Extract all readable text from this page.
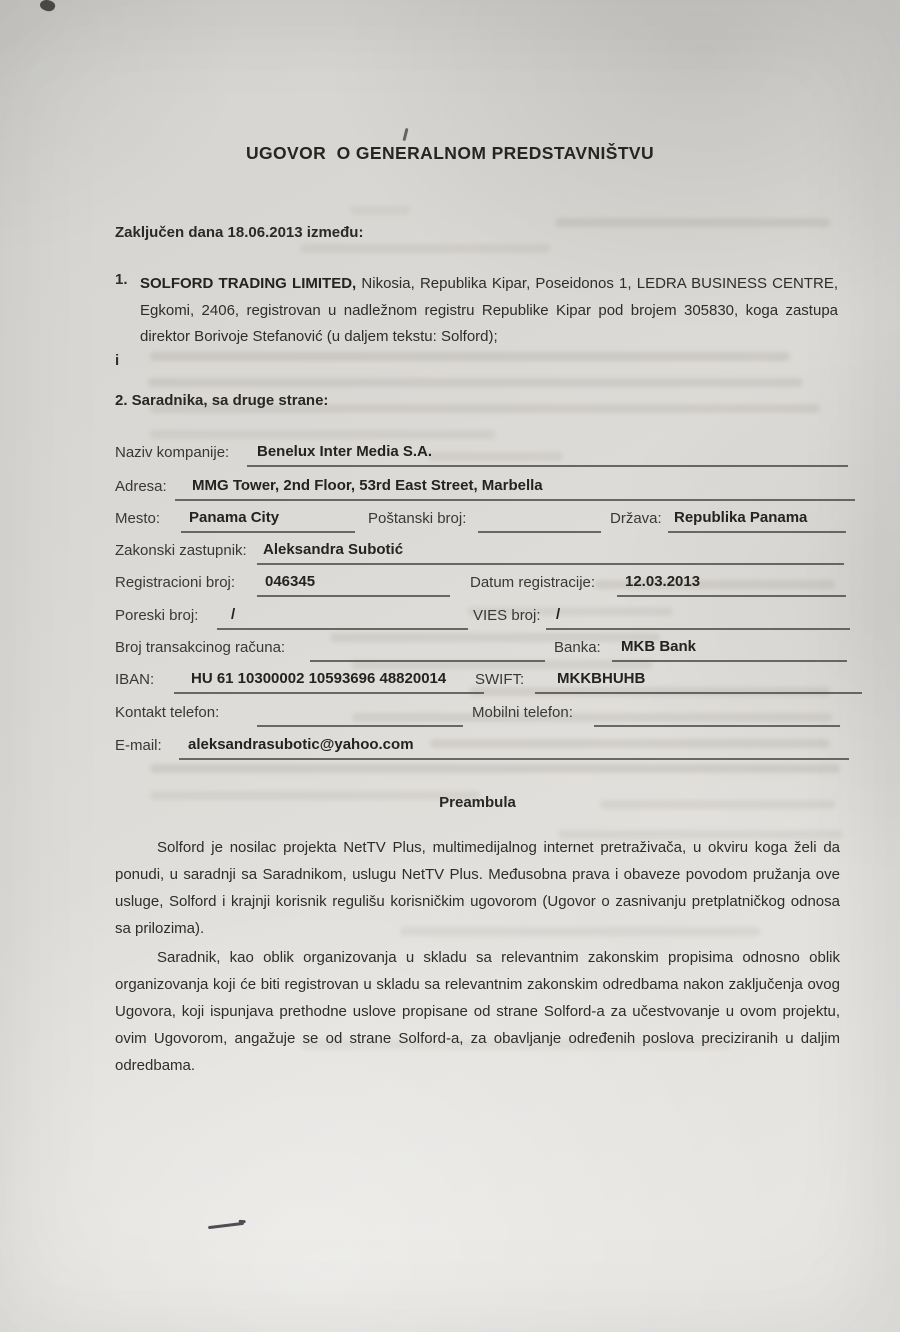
UGOVOR  O GENERALNOM PREDSTAVNIŠTVU
Zaključen dana 18.06.2013 između:
1. SOLFORD TRADING LIMITED, Nikosia, Republika Kipar, Poseidonos 1, LEDRA BUSINESS CENTRE, Egkomi, 2406, registrovan u nadležnom registru Republike Kipar pod brojem 305830, koga zastupa direktor Borivoje Stefanović (u daljem tekstu: Solford);
i
2. Saradnika, sa druge strane:
Naziv kompanije:	Benelux Inter Media S.A.
Adresa:	MMG Tower, 2nd Floor, 53rd East Street, Marbella
Mesto:	Panama City	Poštanski broj:	Država: Republika Panama
Zakonski zastupnik:	Aleksandra Subotić
Registracioni broj:	046345	Datum registracije:	12.03.2013
Poreski broj:	/	VIES broj:	/
Broj transakcinog računa:	Banka:	MKB Bank
IBAN:	HU 61 10300002 10593696 48820014	SWIFT:	MKKBHUHB
Kontakt telefon:	Mobilni telefon:
E-mail:	aleksandrasubotic@yahoo.com
Preambula
Solford je nosilac projekta NetTV Plus, multimedijalnog internet pretraživača, u okviru koga želi da ponudi, u saradnji sa Saradnikom, uslugu NetTV Plus. Međusobna prava i obaveze povodom pružanja ove usluge, Solford i krajnji korisnik regulišu korisničkim ugovorom (Ugovor o zasnivanju pretplatničkog odnosa sa prilozima).
Saradnik, kao oblik organizovanja u skladu sa relevantnim zakonskim propisima odnosno oblik organizovanja koji će biti registrovan u skladu sa relevantnim zakonskim odredbama nakon zaključenja ovog Ugovora, koji ispunjava prethodne uslove propisane od strane Solford-a za učestvovanje u ovom projektu, ovim Ugovorom, angažuje se od strane Solford-a, za obavljanje određenih poslova preciziranih u daljim odredbama.
